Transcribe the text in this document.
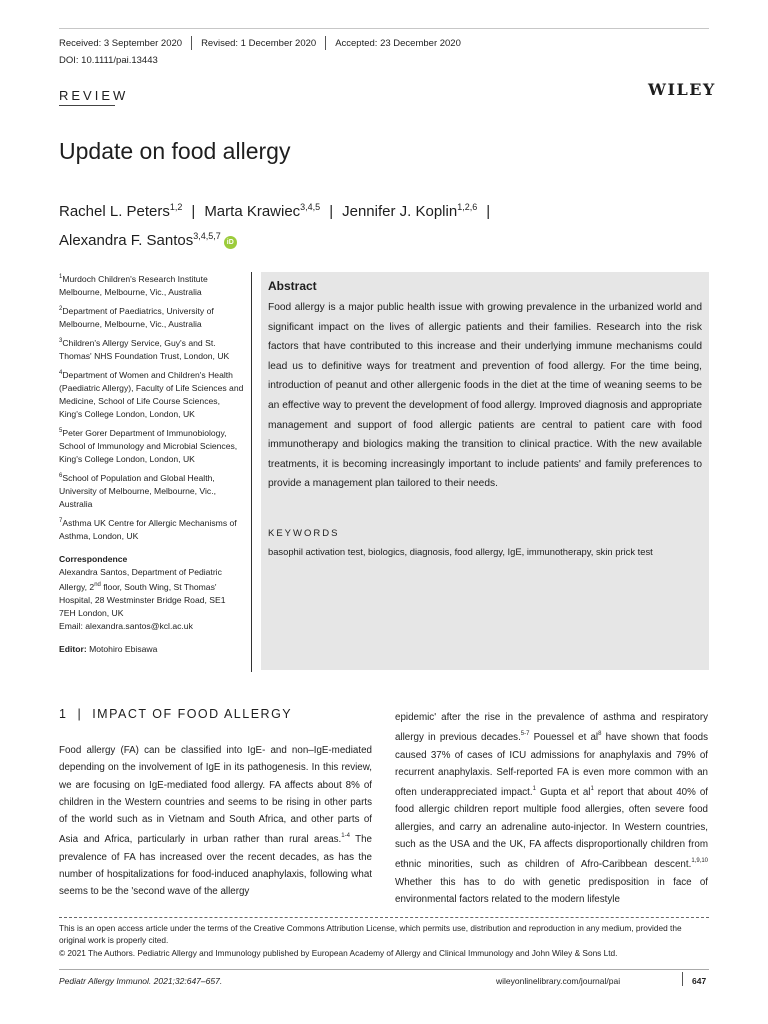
Received: 3 September 2020 Revised: 1 December 2020 Accepted: 23 December 2020
DOI: 10.1111/pai.13443
REVIEW	WILEY
Update on food allergy
Rachel L. Peters$^{1,2}$ | Marta Krawiec$^{3,4,5}$ | Jennifer J. Koplin$^{1,2,6}$ |
Alexandra F. Santos$^{3,4,5,7}$iD

$^1$Murdoch Children's Research Institute Melbourne, Melbourne, Vic., Australia

$^2$Department of Paediatrics, University of Melbourne, Melbourne, Vic., Australia

$^3$Children's Allergy Service, Guy's and St. Thomas' NHS Foundation Trust, London, UK

$^4$Department of Women and Children's Health (Paediatric Allergy), Faculty of Life Sciences and Medicine, School of Life Course Sciences, King's College London, London, UK

$^5$Peter Gorer Department of Immunobiology, School of Immunology and Microbial Sciences, King's College London, London, UK

$^6$School of Population and Global Health, University of Melbourne, Melbourne, Vic., Australia

$^7$Asthma UK Centre for Allergic Mechanisms of Asthma, London, UK

Correspondence

Alexandra Santos, Department of Pediatric Allergy, 2nd floor, South Wing, St Thomas' Hospital, 28 Westminster Bridge Road, SE1 7EH London, UK
Email: alexandra.santos@kcl.ac.uk

Editor: Motohiro Ebisawa

Abstract
Food allergy is a major public health issue with growing prevalence in the urbanized world and significant impact on the lives of allergic patients and their families. Research into the risk factors that have contributed to this increase and their underlying immune mechanisms could lead us to definitive ways for treatment and prevention of food allergy. For the time being, introduction of peanut and other allergenic foods in the diet at the time of weaning seems to be an effective way to prevent the development of food allergy. Improved diagnosis and appropriate management and support of food allergic patients are central to patient care with food immunotherapy and biologics making the transition to clinical practice. With the new available treatments, it is becoming increasingly important to include patients' and family preferences to provide a management plan tailored to their needs.
KEYWORDS
basophil activation test, biologics, diagnosis, food allergy, IgE, immunotherapy, skin prick test
1 | IMPACT OF FOOD ALLERGY
Food allergy (FA) can be classified into IgE- and non–IgE-mediated depending on the involvement of IgE in its pathogenesis. In this review, we are focusing on IgE-mediated food allergy. FA affects about 8% of children in the Western countries and seems to be rising in other parts of the world such as in Vietnam and South Africa, and other parts of Asia and Africa, particularly in urban rather than rural areas.$^{1-4}$ The prevalence of FA has increased over the recent decades, as has the number of hospitalizations for food-induced anaphylaxis, following what seems to be the 'second wave of the allergy
epidemic' after the rise in the prevalence of asthma and respiratory allergy in previous decades.$^{5-7}$ Pouessel et al$^8$ have shown that foods caused 37% of cases of ICU admissions for anaphylaxis and 79% of recurrent anaphylaxis. Self-reported FA is even more common with an often underappreciated impact.$^1$ Gupta et al$^1$ report that about 40% of food allergic children report multiple food allergies, often severe food allergies, and carry an adrenaline auto-injector. In Western countries, such as the USA and the UK, FA affects disproportionally children from ethnic minorities, such as children of Afro-Caribbean descent.$^{1,9,10}$ Whether this has to do with genetic predisposition in face of environmental factors related to the modern lifestyle
This is an open access article under the terms of the Creative Commons Attribution License, which permits use, distribution and reproduction in any medium, provided the original work is properly cited.
© 2021 The Authors. Pediatric Allergy and Immunology published by European Academy of Allergy and Clinical Immunology and John Wiley & Sons Ltd.
Pediatr Allergy Immunol. 2021;32:647–657.	wileyonlinelibrary.com/journal/pai	647
